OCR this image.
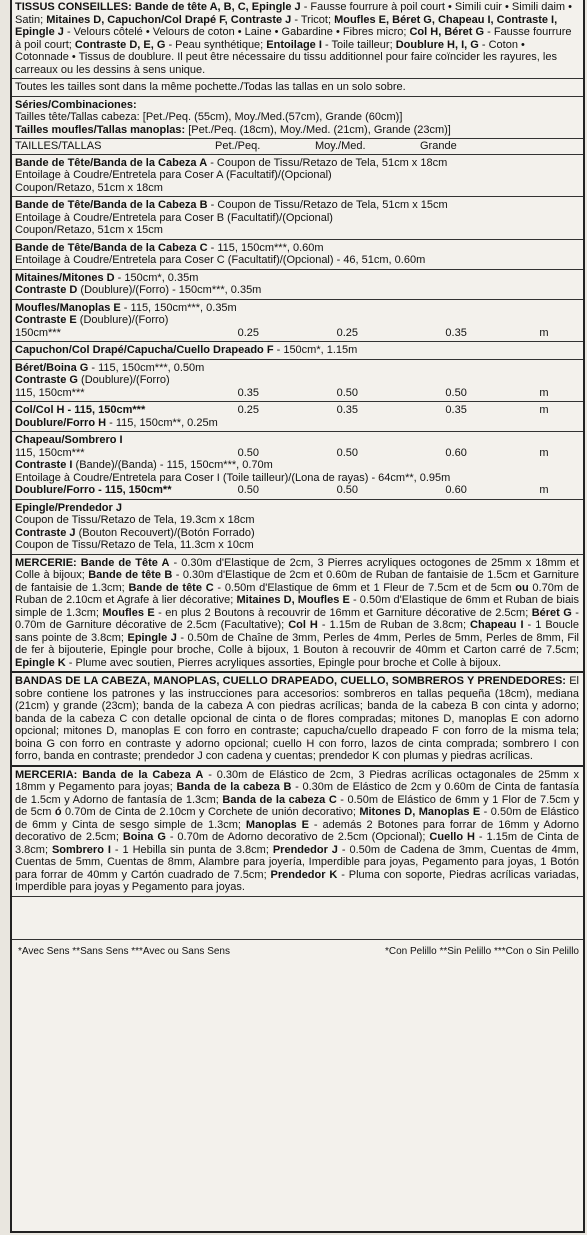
TISSUS CONSEILLES: Bande de tête A, B, C, Epingle J - Fausse fourrure à poil court • Simili cuir • Simili daim • Satin; Mitaines D, Capuchon/Col Drapé F, Contraste J - Tricot; Moufles E, Béret G, Chapeau I, Contraste I, Epingle J - Velours côtelé • Velours de coton • Laine • Gabardine • Fibres micro; Col H, Béret G - Fausse fourrure à poil court; Contraste D, E, G - Peau synthétique; Entoilage I - Toile tailleur; Doublure H, I, G - Coton • Cotonnade • Tissus de doublure. Il peut être nécessaire du tissu additionnel pour faire coïncider les rayures, les carreaux ou les dessins à sens unique.
Toutes les tailles sont dans la même pochette./Todas las tallas en un solo sobre.
Séries/Combinaciones:
Tailles tête/Tallas cabeza: [Pet./Peq. (55cm), Moy./Med.(57cm), Grande (60cm)]
Tailles moufles/Tallas manoplas: [Pet./Peq. (18cm), Moy./Med. (21cm), Grande (23cm)]
TAILLES/TALLAS	Pet./Peq.	Moy./Med.	Grande
Bande de Tête/Banda de la Cabeza A - Coupon de Tissu/Retazo de Tela, 51cm x 18cm
Entoilage à Coudre/Entretela para Coser A (Facultatif)/(Opcional)
Coupon/Retazo, 51cm x 18cm
Bande de Tête/Banda de la Cabeza B - Coupon de Tissu/Retazo de Tela, 51cm x 15cm
Entoilage à Coudre/Entretela para Coser B (Facultatif)/(Opcional)
Coupon/Retazo, 51cm x 15cm
Bande de Tête/Banda de la Cabeza C - 115, 150cm***, 0.60m
Entoilage à Coudre/Entretela para Coser C (Facultatif)/(Opcional) - 46, 51cm, 0.60m
Mitaines/Mitones D - 150cm*, 0.35m
Contraste D (Doublure)/(Forro) - 150cm***, 0.35m
Moufles/Manoplas E - 115, 150cm***, 0.35m
Contraste E (Doublure)/(Forro)
150cm***	0.25	0.25	0.35	m
Capuchon/Col Drapé/Capucha/Cuello Drapeado F - 150cm*, 1.15m
Béret/Boina G - 115, 150cm***, 0.50m
Contraste G (Doublure)/(Forro)
115, 150cm***	0.35	0.50	0.50	m
Col/Col H - 115, 150cm***	0.25	0.35	0.35	m
Doublure/Forro H - 115, 150cm**, 0.25m
Chapeau/Sombrero I
115, 150cm***	0.50	0.50	0.60	m
Contraste I (Bande)/(Banda) - 115, 150cm***, 0.70m
Entoilage à Coudre/Entretela para Coser I (Toile tailleur)/(Lona de rayas) - 64cm**, 0.95m
Doublure/Forro - 115, 150cm**	0.50	0.50	0.60	m
Epingle/Prendedor J
Coupon de Tissu/Retazo de Tela, 19.3cm x 18cm
Contraste J (Bouton Recouvert)/(Botón Forrado)
Coupon de Tissu/Retazo de Tela, 11.3cm x 10cm
MERCERIE: Bande de Tête A - 0.30m d'Elastique de 2cm, 3 Pierres acryliques octogones de 25mm x 18mm et Colle à bijoux; Bande de tête B - 0.30m d'Elastique de 2cm et 0.60m de Ruban de fantaisie de 1.5cm et Garniture de fantaisie de 1.3cm; Bande de tête C - 0.50m d'Elastique de 6mm et 1 Fleur de 7.5cm et de 5cm ou 0.70m de Ruban de 2.10cm et Agrafe à lier décorative; Mitaines D, Moufles E - 0.50m d'Elastique de 6mm et Ruban de biais simple de 1.3cm; Moufles E - en plus 2 Boutons à recouvrir de 16mm et Garniture décorative de 2.5cm; Béret G - 0.70m de Garniture décorative de 2.5cm (Facultative); Col H - 1.15m de Ruban de 3.8cm; Chapeau I - 1 Boucle sans pointe de 3.8cm; Epingle J - 0.50m de Chaîne de 3mm, Perles de 4mm, Perles de 5mm, Perles de 8mm, Fil de fer à bijouterie, Epingle pour broche, Colle à bijoux, 1 Bouton à recouvrir de 40mm et Carton carré de 7.5cm; Epingle K - Plume avec soutien, Pierres acryliques assorties, Epingle pour broche et Colle à bijoux.
BANDAS DE LA CABEZA, MANOPLAS, CUELLO DRAPEADO, CUELLO, SOMBREROS Y PRENDEDORES: El sobre contiene los patrones y las instrucciones para accesorios: sombreros en tallas pequeña (18cm), mediana (21cm) y grande (23cm); banda de la cabeza A con piedras acrílicas; banda de la cabeza B con cinta y adorno; banda de la cabeza C con detalle opcional de cinta o de flores compradas; mitones D, manoplas E con adorno opcional; mitones D, manoplas E con forro en contraste; capucha/cuello drapeado F con forro de la misma tela; boina G con forro en contraste y adorno opcional; cuello H con forro, lazos de cinta comprada; sombrero I con forro, banda en contraste; prendedor J con cadena y cuentas; prendedor K con plumas y piedras acrílicas.
MERCERIA: Banda de la Cabeza A - 0.30m de Elástico de 2cm, 3 Piedras acrílicas octagonales de 25mm x 18mm y Pegamento para joyas; Banda de la cabeza B - 0.30m de Elástico de 2cm y 0.60m de Cinta de fantasía de 1.5cm y Adorno de fantasía de 1.3cm; Banda de la cabeza C - 0.50m de Elástico de 6mm y 1 Flor de 7.5cm y de 5cm ó 0.70m de Cinta de 2.10cm y Corchete de unión decorativo; Mitones D, Manoplas E - 0.50m de Elástico de 6mm y Cinta de sesgo simple de 1.3cm; Manoplas E - además 2 Botones para forrar de 16mm y Adorno decorativo de 2.5cm; Boina G - 0.70m de Adorno decorativo de 2.5cm (Opcional); Cuello H - 1.15m de Cinta de 3.8cm; Sombrero I - 1 Hebilla sin punta de 3.8cm; Prendedor J - 0.50m de Cadena de 3mm, Cuentas de 4mm, Cuentas de 5mm, Cuentas de 8mm, Alambre para joyería, Imperdible para joyas, Pegamento para joyas, 1 Botón para forrar de 40mm y Cartón cuadrado de 7.5cm; Prendedor K - Pluma con soporte, Piedras acrílicas variadas, Imperdible para joyas y Pegamento para joyas.
*Avec Sens **Sans Sens ***Avec ou Sans Sens	*Con Pelillo **Sin Pelillo ***Con o Sin Pelillo
